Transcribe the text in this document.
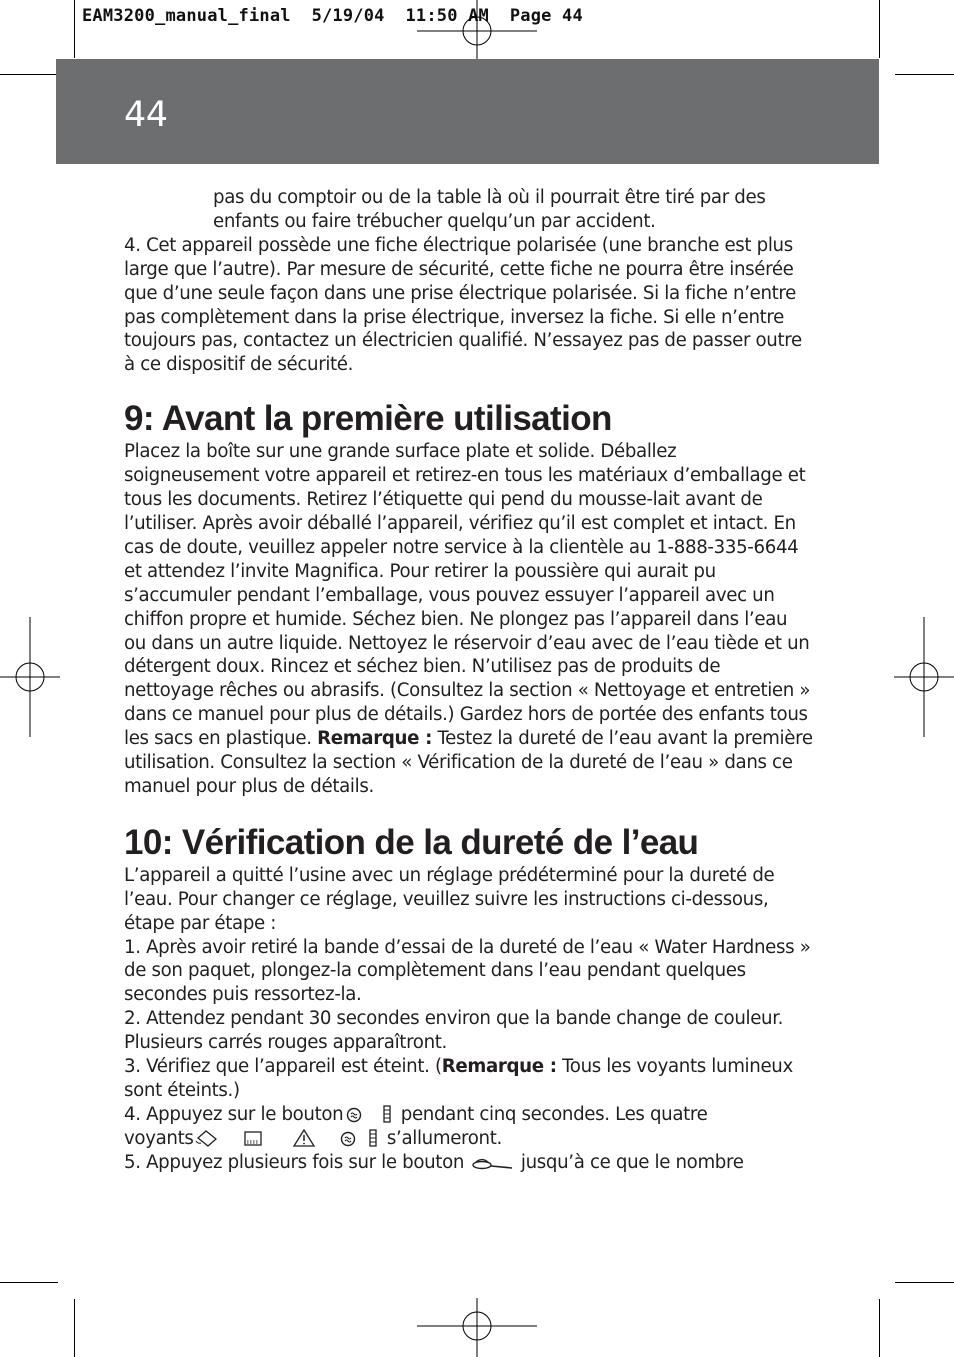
EAM3200_manual_final  5/19/04  11:50 AM  Page 44
44

pas du comptoir ou de la table là où il pourrait être tiré par des enfants ou faire trébucher quelqu’un par accident.

4. Cet appareil possède une fiche électrique polarisée (une branche est plus large que l’autre). Par mesure de sécurité, cette fiche ne pourra être insérée que d’une seule façon dans une prise électrique polarisée. Si la fiche n’entre pas complètement dans la prise électrique, inversez la fiche. Si elle n’entre toujours pas, contactez un électricien qualifié. N’essayez pas de passer outre à ce dispositif de sécurité.

9: Avant la première utilisation

Placez la boîte sur une grande surface plate et solide. Déballez soigneusement votre appareil et retirez-en tous les matériaux d’emballage et tous les documents. Retirez l’étiquette qui pend du mousse-lait avant de l’utiliser. Après avoir déballé l’appareil, vérifiez qu’il est complet et intact. En cas de doute, veuillez appeler notre service à la clientèle au 1-888-335-6644 et attendez l’invite Magnifica. Pour retirer la poussière qui aurait pu s’accumuler pendant l’emballage, vous pouvez essuyer l’appareil avec un chiffon propre et humide. Séchez bien. Ne plongez pas l’appareil dans l’eau ou dans un autre liquide. Nettoyez le réservoir d’eau avec de l’eau tiède et un détergent doux. Rincez et séchez bien. N’utilisez pas de produits de nettoyage rêches ou abrasifs. (Consultez la section « Nettoyage et entretien » dans ce manuel pour plus de détails.) Gardez hors de portée des enfants tous les sacs en plastique. Remarque : Testez la dureté de l’eau avant la première utilisation. Consultez la section « Vérification de la dureté de l’eau » dans ce manuel pour plus de détails.

10: Vérification de la dureté de l’eau

L’appareil a quitté l’usine avec un réglage prédéterminé pour la dureté de l’eau. Pour changer ce réglage, veuillez suivre les instructions ci-dessous, étape par étape :

1. Après avoir retiré la bande d’essai de la dureté de l’eau « Water Hardness » de son paquet, plongez-la complètement dans l’eau pendant quelques secondes puis ressortez-la.

2. Attendez pendant 30 secondes environ que la bande change de couleur. Plusieurs carrés rouges apparaîtront.

3. Vérifiez que l’appareil est éteint. (Remarque : Tous les voyants lumineux sont éteints.)

4. Appuyez sur le bouton	pendant cinq secondes. Les quatre
voyants	s’allumeront.

5. Appuyez plusieurs fois sur le bouton	jusqu’à ce que le nombre
